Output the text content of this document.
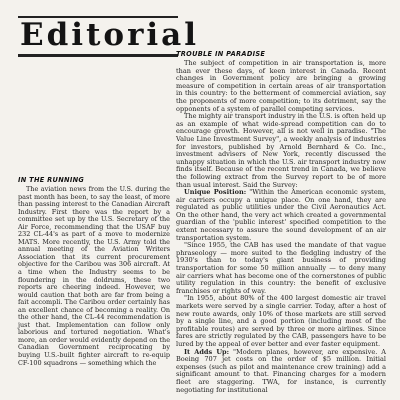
Editorial
IN THE RUNNING

The aviation news from the U.S. during the past month has been, to say the least, of more than passing interest to the Canadian Aircraft Industry. First there was the report by a committee set up by the U.S. Secretary of the Air Force, recommending that the USAF buy 232 CL-44's as part of a move to modernize MATS. More recently, the U.S. Army told the annual meeting of the Aviation Writers Association that its current procurement objective for the Caribou was 306 aircraft. At a time when the Industry seems to be floundering in the doldrums, these two reports are cheering indeed. However, we would caution that both are far from being a fait accompli. The Caribou order certainly has an excellent chance of becoming a reality. On the other hand, the CL-44 recommendation is just that. Implementation can follow only laborious and tortured negotiation. What's more, an order would evidently depend on the Canadian Government reciprocating by buying U.S.-built fighter aircraft to re-equip CF-100 squadrons — something which the

TROUBLE IN PARADISE

The subject of competition in air transportation is, more than ever these days, of keen interest in Canada. Recent changes in Government policy are bringing a growing measure of competition in certain areas of air transportation in this country: to the betterment of commercial aviation, say the proponents of more competition; to its detriment, say the opponents of a system of parallel competing services.

The mighty air transport industry in the U.S. is often held up as an example of what wide-spread competition can do to encourage growth. However, all is not well in paradise. "The Value Line Investment Survey", a weekly analysis of industries for investors, published by Arnold Bernhard & Co. Inc., investment advisers of New York, recently discussed the unhappy situation in which the U.S. air transport industry now finds itself. Because of the recent trend in Canada, we believe the following extract from the Survey report to be of more than usual interest. Said the Survey:

Unique Position: "Within the American economic system, air carriers occupy a unique place. On one hand, they are regulated as public utilities under the Civil Aeronautics Act. On the other hand, the very act which created a governmental guardian of the 'public interest' specified competition to the extent necessary to assure the sound development of an air transportation system.

"Since 1955, the CAB has used the mandate of that vague phraseology — more suited to the fledgling industry of the 1930's than to today's giant business of providing transportation for some 50 million annually — to deny many air carriers what has become one of the cornerstones of public utility regulation in this country: the benefit of exclusive franchises or rights of way.

"In 1955, about 80% of the 400 largest domestic air travel markets were served by a single carrier. Today, after a host of new route awards, only 10% of those markets are still served by a single line, and a good portion (including most of the profitable routes) are served by three or more airlines. Since fares are strictly regulated by the CAB, passengers have to be lured by the appeal of ever better and ever faster equipment.

It Adds Up: "Modern planes, however, are expensive. A Boeing 707 jet costs on the order of $5 million. Initial expenses (such as pilot and maintenance crew training) add a significant amount to that. Financing charges for a modern fleet are staggering. TWA, for instance, is currently negotiating for institutional
